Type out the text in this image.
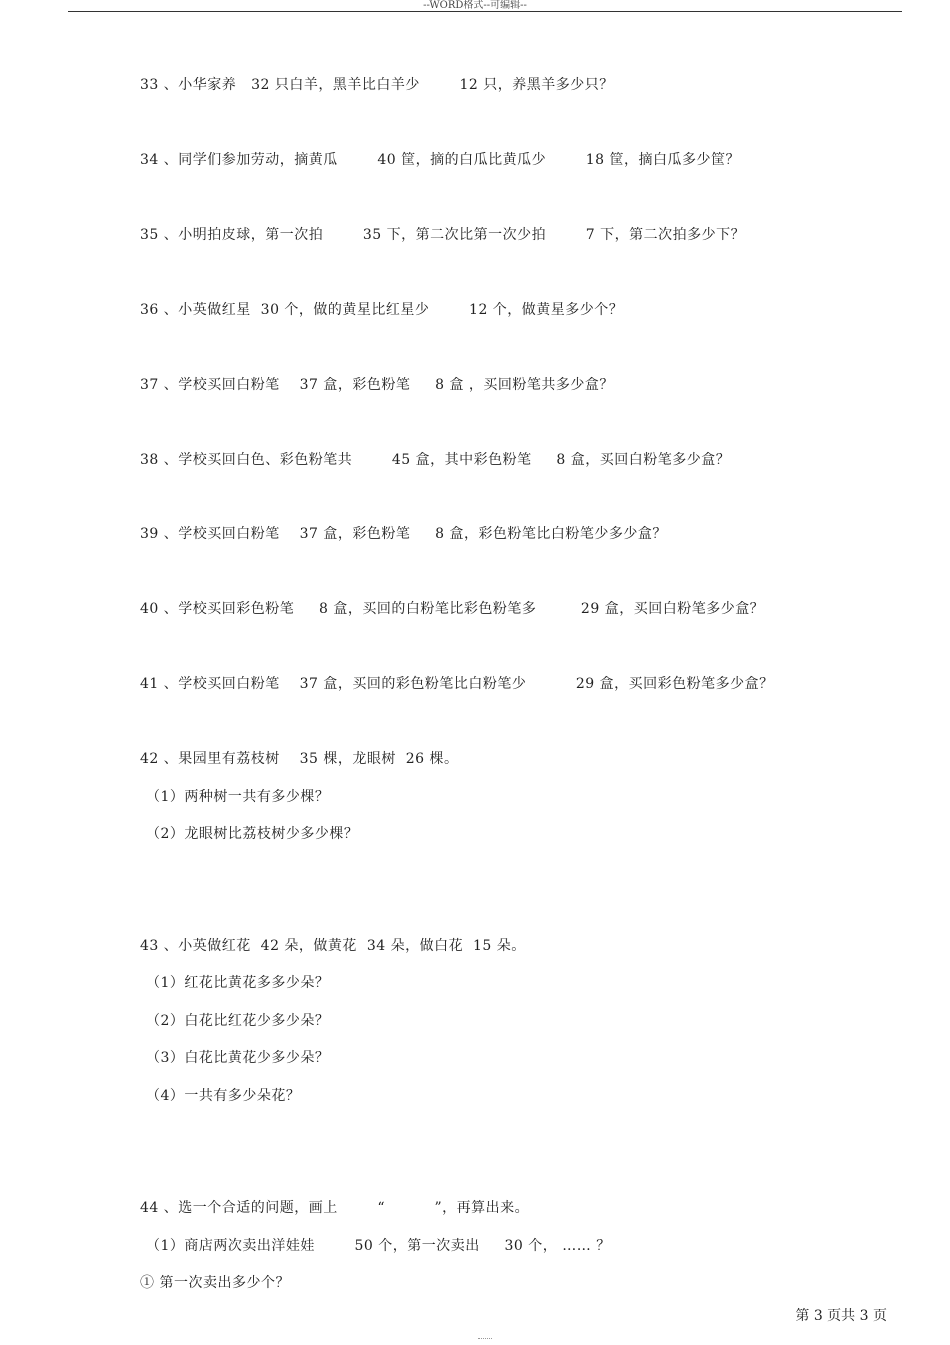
--WORD格式--可编辑--
33 、小华家养   32 只白羊，黑羊比白羊少        12 只，养黑羊多少只？
34 、同学们参加劳动，摘黄瓜        40 筐，摘的白瓜比黄瓜少        18 筐，摘白瓜多少筐？
35 、小明拍皮球，第一次拍        35 下，第二次比第一次少拍        7 下，第二次拍多少下？
36 、小英做红星  30 个，做的黄星比红星少        12 个，做黄星多少个？
37 、学校买回白粉笔    37 盒，彩色粉笔     8 盒 ，买回粉笔共多少盒？
38 、学校买回白色、彩色粉笔共        45 盒，其中彩色粉笔     8 盒，买回白粉笔多少盒？
39 、学校买回白粉笔    37 盒，彩色粉笔     8 盒，彩色粉笔比白粉笔少多少盒？
40 、学校买回彩色粉笔     8 盒，买回的白粉笔比彩色粉笔多         29 盒，买回白粉笔多少盒？
41 、学校买回白粉笔    37 盒，买回的彩色粉笔比白粉笔少          29 盒，买回彩色粉笔多少盒？
42 、果园里有荔枝树    35 棵，龙眼树  26 棵。
（1）两种树一共有多少棵？
（2）龙眼树比荔枝树少多少棵？
43 、小英做红花  42 朵，做黄花  34 朵，做白花  15 朵。
（1）红花比黄花多多少朵？
（2）白花比红花少多少朵？
（3）白花比黄花少多少朵？
（4）一共有多少朵花？
44 、选一个合适的问题，画上        “          ”，再算出来。
（1）商店两次卖出洋娃娃        50 个，第一次卖出     30 个， …… ？
① 第一次卖出多少个？
第 3 页共 3 页
